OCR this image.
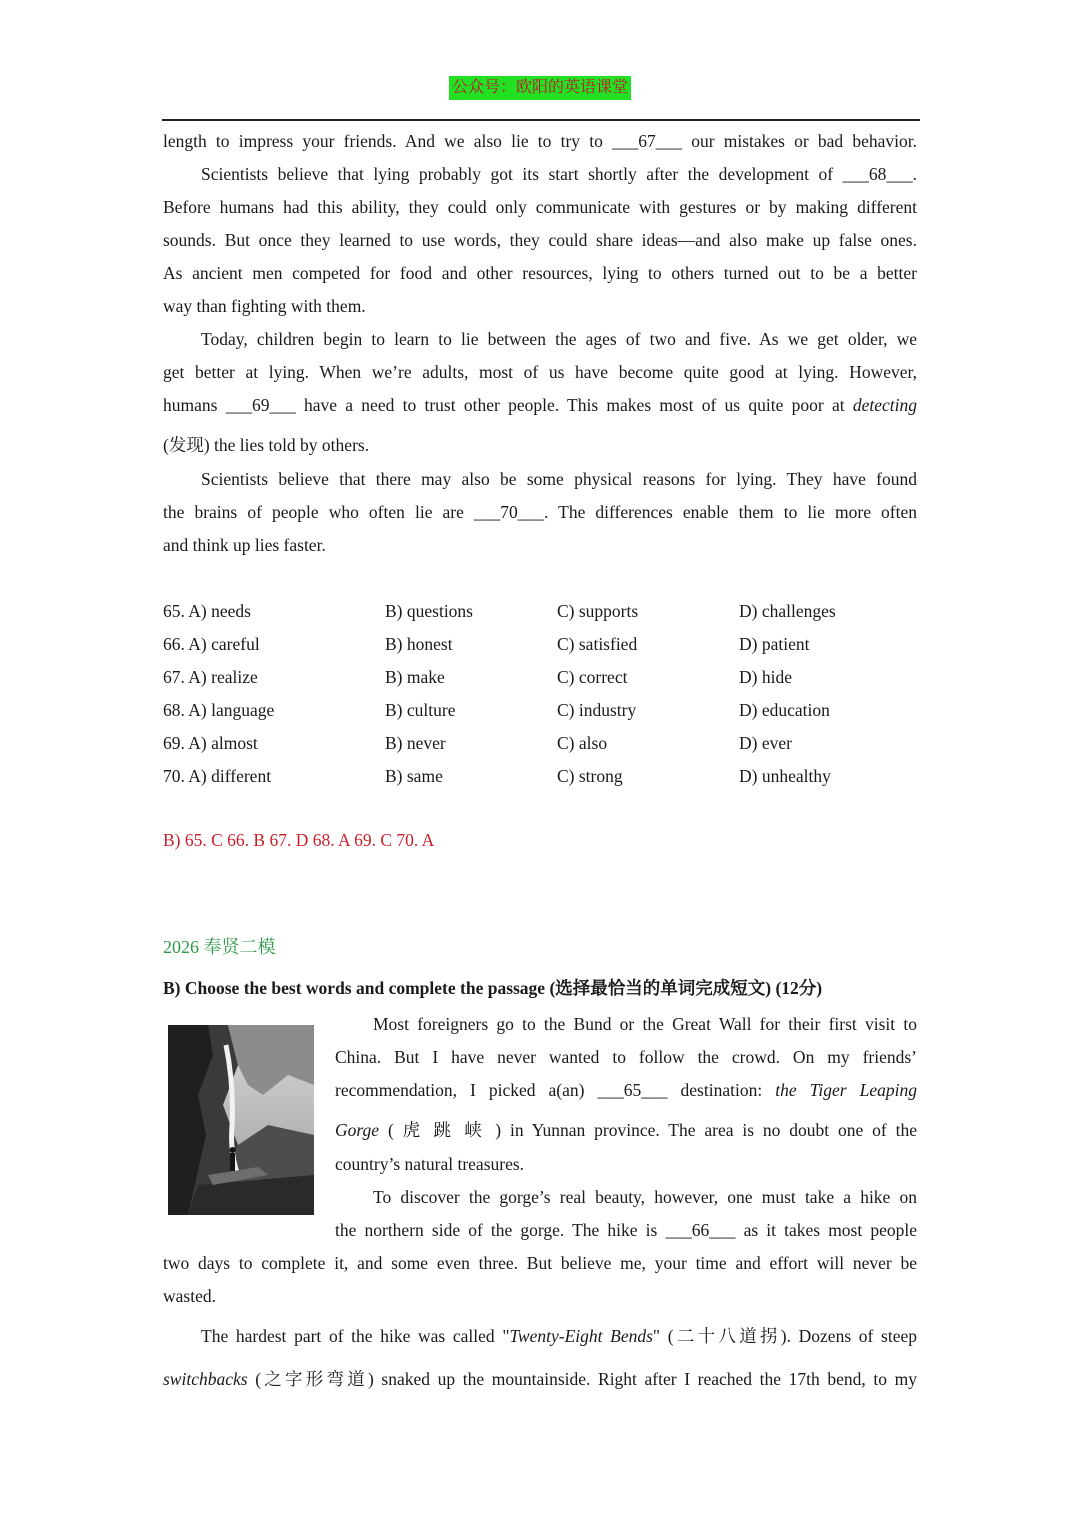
公众号：欧阳的英语课堂
length to impress your friends. And we also lie to try to ___67___ our mistakes or bad behavior.
Scientists believe that lying probably got its start shortly after the development of ___68___.
Before humans had this ability, they could only communicate with gestures or by making different
sounds. But once they learned to use words, they could share ideas—and also make up false ones.
As ancient men competed for food and other resources, lying to others turned out to be a better
way than fighting with them.
Today, children begin to learn to lie between the ages of two and five. As we get older, we
get better at lying. When we’re adults, most of us have become quite good at lying. However,
humans ___69___ have a need to trust other people. This makes most of us quite poor at detecting
(发现) the lies told by others.
Scientists believe that there may also be some physical reasons for lying. They have found
the brains of people who often lie are ___70___. The differences enable them to lie more often
and think up lies faster.
65. A) needs	B) questions	C) supports	D) challenges
66. A) careful	B) honest	C) satisfied	D) patient
67. A) realize	B) make	C) correct	D) hide
68. A) language	B) culture	C) industry	D) education
69. A) almost	B) never	C) also	D) ever
70. A) different	B) same	C) strong	D) unhealthy
B) 65. C 66. B 67. D 68. A 69. C 70. A
2026 奉贤二模
B) Choose the best words and complete the passage (选择最恰当的单词完成短文) (12分)
Most foreigners go to the Bund or the Great Wall for their first visit to
China. But I have never wanted to follow the crowd. On my friends’
recommendation, I picked a(an) ___65___ destination: the Tiger Leaping
Gorge ( 虎 跳 峡 ) in Yunnan province. The area is no doubt one of the
country’s natural treasures.
To discover the gorge’s real beauty, however, one must take a hike on
the northern side of the gorge. The hike is ___66___ as it takes most people
two days to complete it, and some even three. But believe me, your time and effort will never be
wasted.
The hardest part of the hike was called "Twenty-Eight Bends" (二十八道拐). Dozens of steep
switchbacks (之字形弯道) snaked up the mountainside. Right after I reached the 17th bend, to my
